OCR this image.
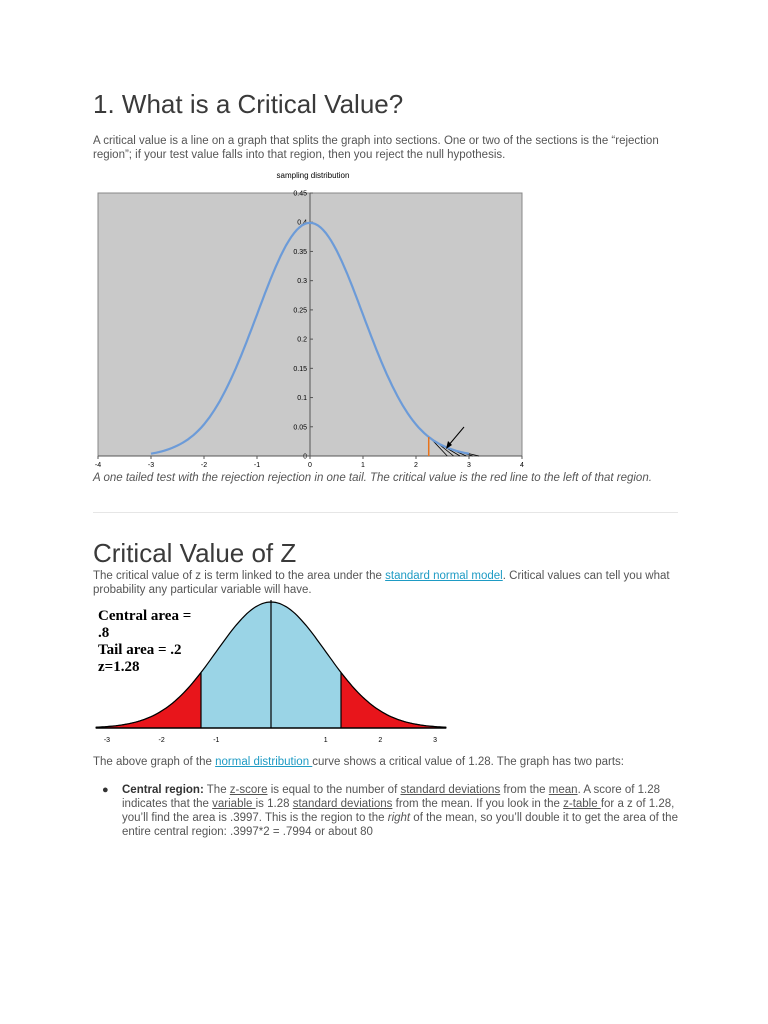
1. What is a Critical Value?

A critical value is a line on a graph that splits the graph into sections. One or two of the sections is the “rejection region”; if your test value falls into that region, then you reject the null hypothesis.

sampling distribution
0
0.05
0.1
0.15
0.2
0.25
0.3
0.35
0.4
0.45
-4	-3	-2	-1	0	1	2	3	4

A one tailed test with the rejection rejection in one tail. The critical value is the red line to the left of that region.

Critical Value of Z

The critical value of z is term linked to the area under the standard normal model. Critical values can tell you what probability any particular variable will have.

-3	-2	-1	1	2	3
Central area =
.8
Tail area = .2
z=1.28

The above graph of the normal distribution curve shows a critical value of 1.28. The graph has two parts:

● Central region: The z-score is equal to the number of standard deviations from the mean. A score of 1.28 indicates that the variable is 1.28 standard deviations from the mean. If you look in the z-table for a z of 1.28, you’ll find the area is .3997. This is the region to the right of the mean, so you’ll double it to get the area of the entire central region: .3997*2 = .7994 or about 80
